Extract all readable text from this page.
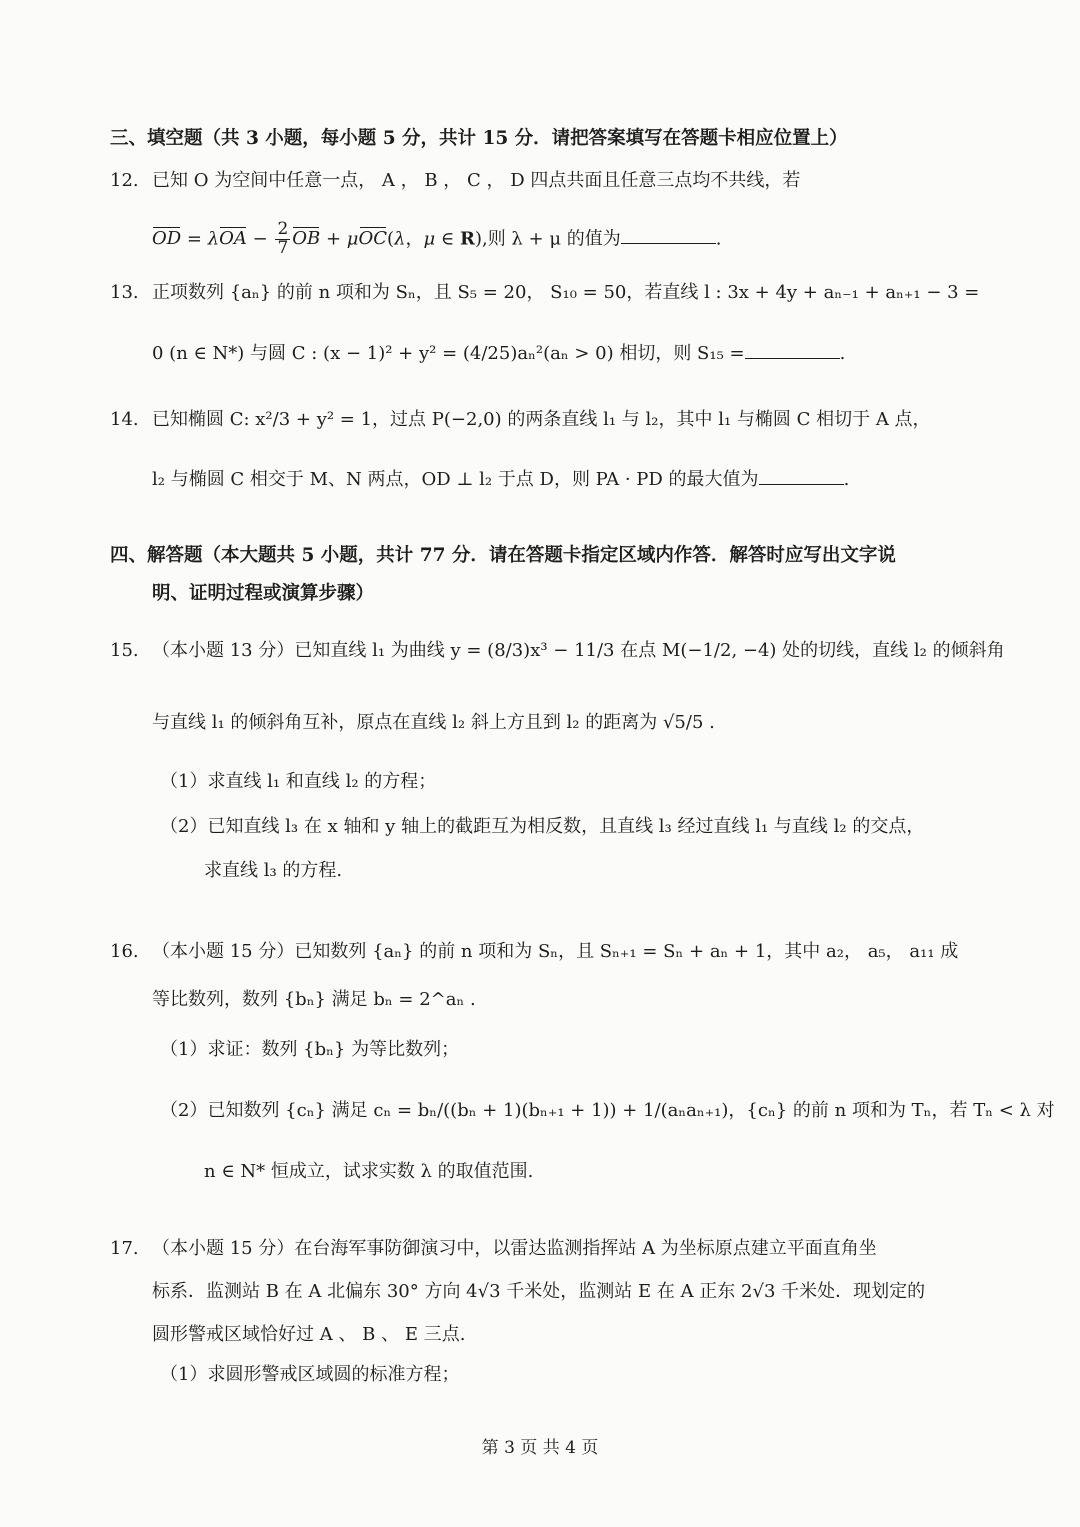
三、填空题（共 3 小题，每小题 5 分，共计 15 分．请把答案填写在答题卡相应位置上）
12. 已知 O 为空间中任意一点， A ， B ， C ， D 四点共面且任意三点均不共线，若
OD = $\lambda OA - \frac{2}{7}$ OB + μOC(λ，μ ∈ R),则 λ + μ 的值为	.
13. 正项数列 {aₙ} 的前 n 项和为 Sₙ，且 S₅ = 20， S₁₀ = 50，若直线 l : 3x + 4y + aₙ₋₁ + aₙ₊₁ − 3 =
0 (n ∈ N*) 与圆 C : (x − 1)² + y² = (4/25)aₙ²(aₙ > 0) 相切，则 S₁₅ =	.
14. 已知椭圆 C: x²/3 + y² = 1，过点 P(−2,0) 的两条直线 l₁ 与 l₂，其中 l₁ 与椭圆 C 相切于 A 点，
l₂ 与椭圆 C 相交于 M、N 两点，OD ⊥ l₂ 于点 D，则 PA · PD 的最大值为	.
四、解答题（本大题共 5 小题，共计 77 分．请在答题卡指定区域内作答．解答时应写出文字说
明、证明过程或演算步骤）
15. （本小题 13 分）已知直线 l₁ 为曲线 y = (8/3)x³ − 11/3 在点 M(−1/2, −4) 处的切线，直线 l₂ 的倾斜角
与直线 l₁ 的倾斜角互补，原点在直线 l₂ 斜上方且到 l₂ 的距离为 √5/5 .
（1）求直线 l₁ 和直线 l₂ 的方程；
（2）已知直线 l₃ 在 x 轴和 y 轴上的截距互为相反数，且直线 l₃ 经过直线 l₁ 与直线 l₂ 的交点，
求直线 l₃ 的方程.
16. （本小题 15 分）已知数列 {aₙ} 的前 n 项和为 Sₙ，且 Sₙ₊₁ = Sₙ + aₙ + 1，其中 a₂， a₅， a₁₁ 成
等比数列，数列 {bₙ} 满足 bₙ = 2^aₙ .
（1）求证：数列 {bₙ} 为等比数列；
（2）已知数列 {cₙ} 满足 cₙ = bₙ/((bₙ + 1)(bₙ₊₁ + 1)) + 1/(aₙaₙ₊₁)，{cₙ} 的前 n 项和为 Tₙ，若 Tₙ < λ 对
n ∈ N* 恒成立，试求实数 λ 的取值范围.
17. （本小题 15 分）在台海军事防御演习中，以雷达监测指挥站 A 为坐标原点建立平面直角坐
标系．监测站 B 在 A 北偏东 30° 方向 4√3 千米处，监测站 E 在 A 正东 2√3 千米处．现划定的
圆形警戒区域恰好过 A 、 B 、 E 三点.
（1）求圆形警戒区域圆的标准方程；
第 3 页 共 4 页
